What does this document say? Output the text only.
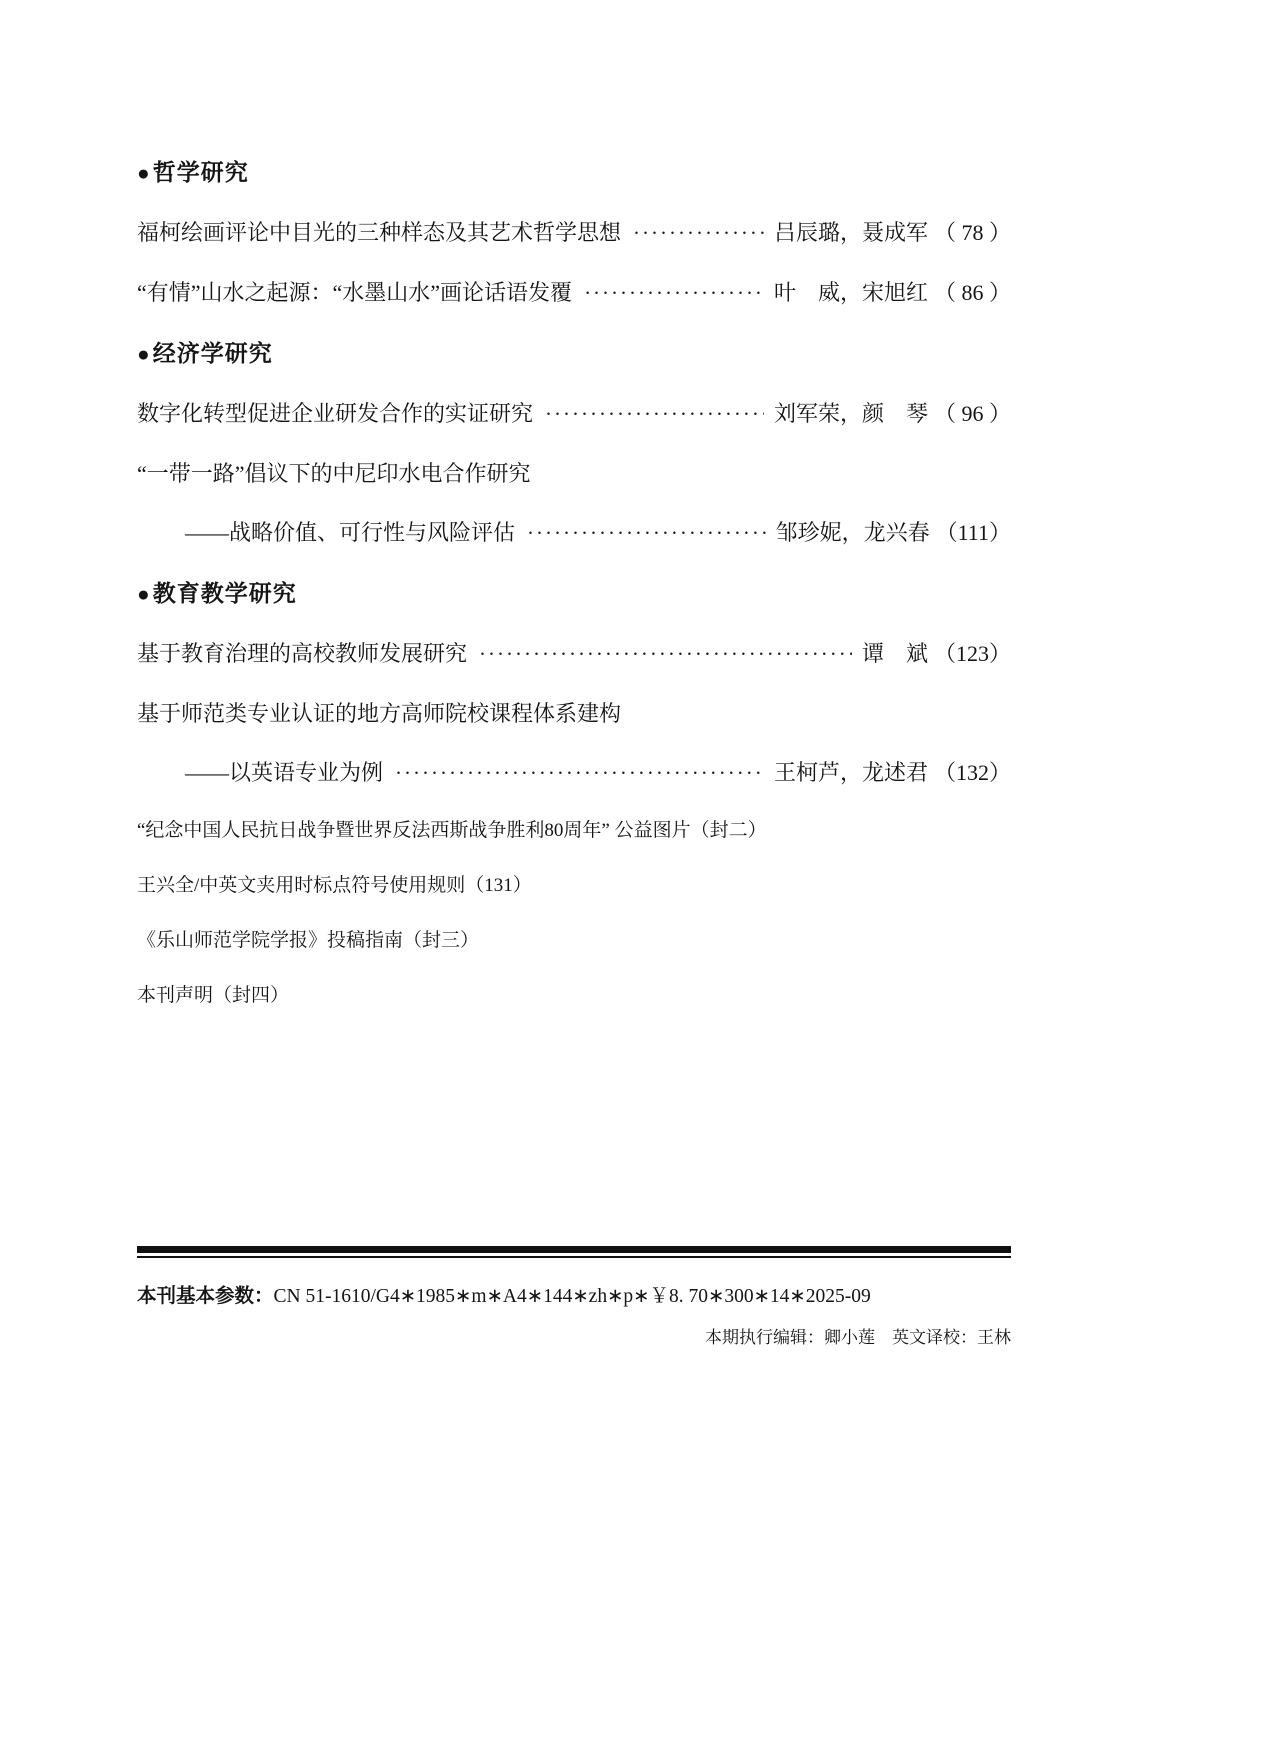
●哲学研究
福柯绘画评论中目光的三种样态及其艺术哲学思想 ·····	吕辰璐，聂成军 （ 78 ）
“有情”山水之起源：“水墨山水”画论话语发覆 ·····	叶　威，宋旭红 （ 86 ）
●经济学研究
数字化转型促进企业研发合作的实证研究 ·····	刘军荣，颜　琴 （ 96 ）
“一带一路”倡议下的中尼印水电合作研究
——战略价值、可行性与风险评估 ·····	邹珍妮，龙兴春 （111）
●教育教学研究
基于教育治理的高校教师发展研究 ·····	谭　斌 （123）
基于师范类专业认证的地方高师院校课程体系建构
——以英语专业为例 ·····	王柯芦，龙述君 （132）
“纪念中国人民抗日战争暨世界反法西斯战争胜利80周年” 公益图片（封二）
王兴全/中英文夹用时标点符号使用规则（131）
《乐山师范学院学报》投稿指南（封三）
本刊声明（封四）
本刊基本参数：CN 51-1610/G4∗1985∗m∗A4∗144∗zh∗p∗￥8. 70∗300∗14∗2025-09
本期执行编辑：卿小莲　英文译校：王林
